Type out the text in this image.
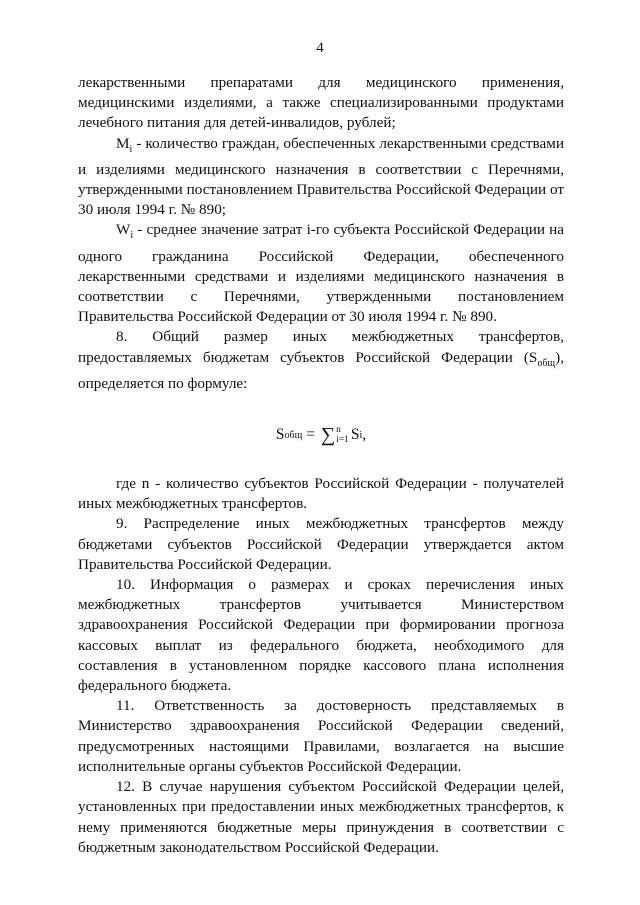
4

лекарственными препаратами для медицинского применения, медицинскими изделиями, а также специализированными продуктами лечебного питания для детей-инвалидов, рублей;

$M_i$ - количество граждан, обеспеченных лекарственными средствами и изделиями медицинского назначения в соответствии с Перечнями, утвержденными постановлением Правительства Российской Федерации от 30 июля 1994 г. № 890;

$W_i$ - среднее значение затрат i-го субъекта Российской Федерации на одного гражданина Российской Федерации, обеспеченного лекарственными средствами и изделиями медицинского назначения в соответствии с Перечнями, утвержденными постановлением Правительства Российской Федерации от 30 июля 1994 г. № 890.

8. Общий размер иных межбюджетных трансфертов, предоставляемых бюджетам субъектов Российской Федерации $(S_{общ})$, определяется по формуле:

S общ = ∑ n
i=1 S i ,

где n - количество субъектов Российской Федерации - получателей иных межбюджетных трансфертов.

9. Распределение иных межбюджетных трансфертов между бюджетами субъектов Российской Федерации утверждается актом Правительства Российской Федерации.

10. Информация о размерах и сроках перечисления иных межбюджетных трансфертов учитывается Министерством здравоохранения Российской Федерации при формировании прогноза кассовых выплат из федерального бюджета, необходимого для составления в установленном порядке кассового плана исполнения федерального бюджета.

11. Ответственность за достоверность представляемых в Министерство здравоохранения Российской Федерации сведений, предусмотренных настоящими Правилами, возлагается на высшие исполнительные органы субъектов Российской Федерации.

12. В случае нарушения субъектом Российской Федерации целей, установленных при предоставлении иных межбюджетных трансфертов, к нему применяются бюджетные меры принуждения в соответствии с бюджетным законодательством Российской Федерации.
